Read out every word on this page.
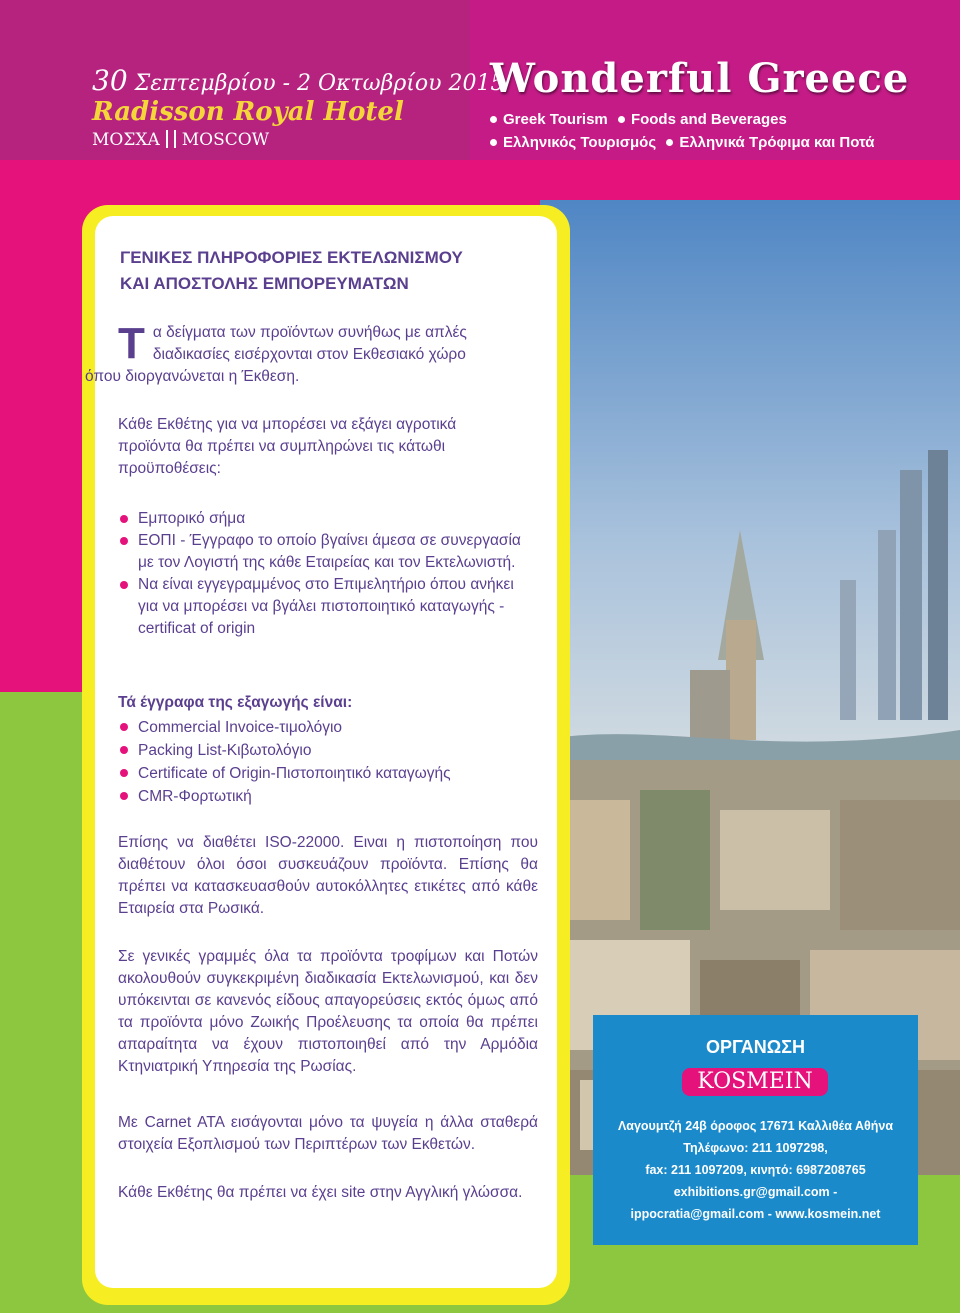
30 Σεπτεμβρίου - 2 Οκτωβρίου 2015
Radisson Royal Hotel
ΜΟΣΧΑ MOSCOW
Wonderful Greece
Greek Tourism Foods and Beverages
Ελληνικός Τουρισμός Ελληνικά Τρόφιμα και Ποτά
ΓΕΝΙΚΕΣ ΠΛΗΡΟΦΟΡΙΕΣ ΕΚΤΕΛΩΝΙΣΜΟΥ
ΚΑΙ ΑΠΟΣΤΟΛΗΣ ΕΜΠΟΡΕΥΜΑΤΩΝ
Τ α δείγματα των προϊόντων συνήθως με απλές
διαδικασίες εισέρχονται στον Εκθεσιακό χώρο
όπου διοργανώνεται η Έκθεση.
Κάθε Εκθέτης για να μπορέσει να εξάγει αγροτικά
προϊόντα θα πρέπει να συμπληρώνει τις κάτωθι
προϋποθέσεις:
Εμπορικό σήμα
ΕΟΠΙ - Έγγραφο το οποίο βγαίνει άμεσα σε συνεργασία με τον Λογιστή της κάθε Εταιρείας και τον Εκτελωνιστή.
Να είναι εγγεγραμμένος στο Επιμελητήριο όπου ανήκει για να μπορέσει να βγάλει πιστοποιητικό καταγωγής -certificat of origin
Τά έγγραφα της εξαγωγής είναι:
Commercial Invoice-τιμολόγιο
Packing List-Κιβωτολόγιο
Certificate of Origin-Πιστοποιητικό καταγωγής
CMR-Φορτωτική
Επίσης να διαθέτει ISO-22000. Ειναι η πιστοποίηση που διαθέτουν όλοι όσοι συσκευάζουν προϊόντα. Επίσης θα πρέπει να κατασκευασθούν αυτοκόλλητες ετικέτες από κάθε Εταιρεία στα Ρωσικά.
Σε γενικές γραμμές όλα τα προϊόντα τροφίμων και Ποτών ακολουθούν συγκεκριμένη διαδικασία Εκτελωνισμού, και δεν υπόκεινται σε κανενός είδους απαγορεύσεις εκτός όμως από τα προϊόντα μόνο Ζωικής Προέλευσης τα οποία θα πρέπει απαραίτητα να έχουν πιστοποιηθεί από την Αρμόδια Κτηνιατρική Υπηρεσία της Ρωσίας.
Με Carnet ATA εισάγονται μόνο τα ψυγεία η άλλα σταθερά στοιχεία Εξοπλισμού των Περιπτέρων των Εκθετών.
Κάθε Εκθέτης θα πρέπει να έχει site στην Αγγλική γλώσσα.
ΟΡΓΑΝΩΣΗ
KOSMEIN
Λαγουμτζή 24β όροφος 17671 Καλλιθέα Αθήνα
Τηλέφωνο: 211 1097298,
fax: 211 1097209, κινητό: 6987208765
exhibitions.gr@gmail.com -
ippocratia@gmail.com - www.kosmein.net
